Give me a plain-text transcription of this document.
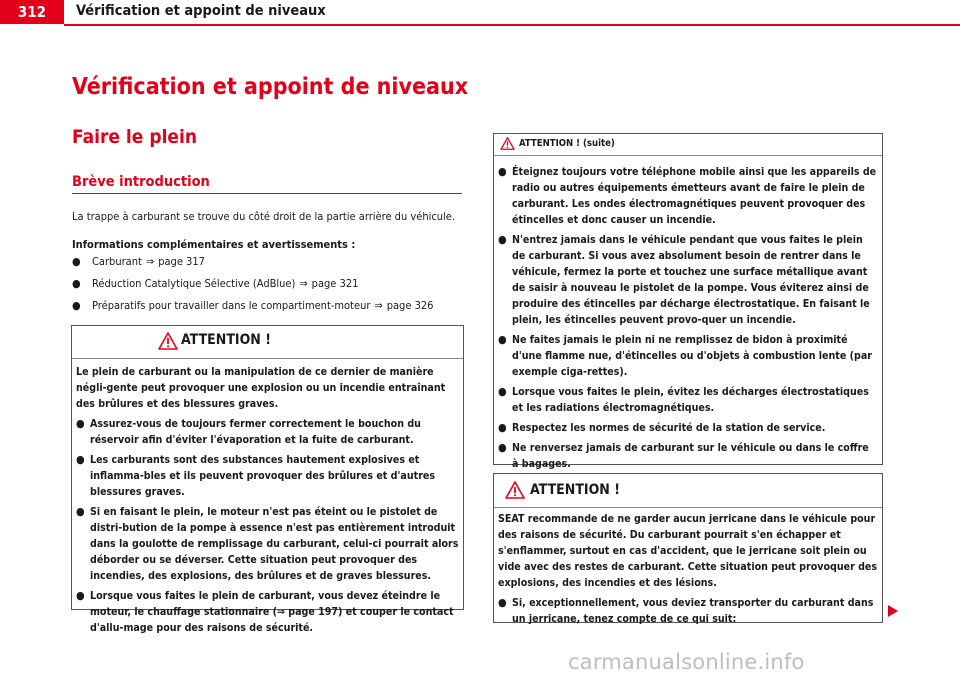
312	Vérification et appoint de niveaux
Vérification et appoint de niveaux
Faire le plein
Brève introduction
La trappe à carburant se trouve du côté droit de la partie arrière du véhicule.
Informations complémentaires et avertissements :
●	Carburant ⇒ page 317
●	Réduction Catalytique Sélective (AdBlue) ⇒ page 321
●	Préparatifs pour travailler dans le compartiment-moteur ⇒ page 326
ATTENTION !

Le plein de carburant ou la manipulation de ce dernier de manière négli-gente peut provoquer une explosion ou un incendie entraînant des brûlures et des blessures graves.

● Assurez-vous de toujours fermer correctement le bouchon du réservoir afin d'éviter l'évaporation et la fuite de carburant.
● Les carburants sont des substances hautement explosives et inflamma-bles et ils peuvent provoquer des brûlures et d'autres blessures graves.
● Si en faisant le plein, le moteur n'est pas éteint ou le pistolet de distri-bution de la pompe à essence n'est pas entièrement introduit dans la goulotte de remplissage du carburant, celui-ci pourrait alors déborder ou se déverser. Cette situation peut provoquer des incendies, des explosions, des brûlures et de graves blessures.
● Lorsque vous faites le plein de carburant, vous devez éteindre le moteur, le chauffage stationnaire (⇒ page 197) et couper le contact d'allu-mage pour des raisons de sécurité.
ATTENTION ! (suite)
● Éteignez toujours votre téléphone mobile ainsi que les appareils de radio ou autres équipements émetteurs avant de faire le plein de carburant. Les ondes électromagnétiques peuvent provoquer des étincelles et donc causer un incendie.
● N'entrez jamais dans le véhicule pendant que vous faites le plein de carburant. Si vous avez absolument besoin de rentrer dans le véhicule, fermez la porte et touchez une surface métallique avant de saisir à nouveau le pistolet de la pompe. Vous éviterez ainsi de produire des étincelles par décharge électrostatique. En faisant le plein, les étincelles peuvent provo-quer un incendie.
● Ne faites jamais le plein ni ne remplissez de bidon à proximité d'une flamme nue, d'étincelles ou d'objets à combustion lente (par exemple ciga-rettes).
● Lorsque vous faites le plein, évitez les décharges électrostatiques et les radiations électromagnétiques.
● Respectez les normes de sécurité de la station de service.
● Ne renversez jamais de carburant sur le véhicule ou dans le coffre à bagages.
ATTENTION !

SEAT recommande de ne garder aucun jerricane dans le véhicule pour des raisons de sécurité. Du carburant pourrait s'en échapper et s'enflammer, surtout en cas d'accident, que le jerricane soit plein ou vide avec des restes de carburant. Cette situation peut provoquer des explosions, des incendies et des lésions.

● Si, exceptionnellement, vous deviez transporter du carburant dans un jerricane, tenez compte de ce qui suit:
carmanualsonline.info
